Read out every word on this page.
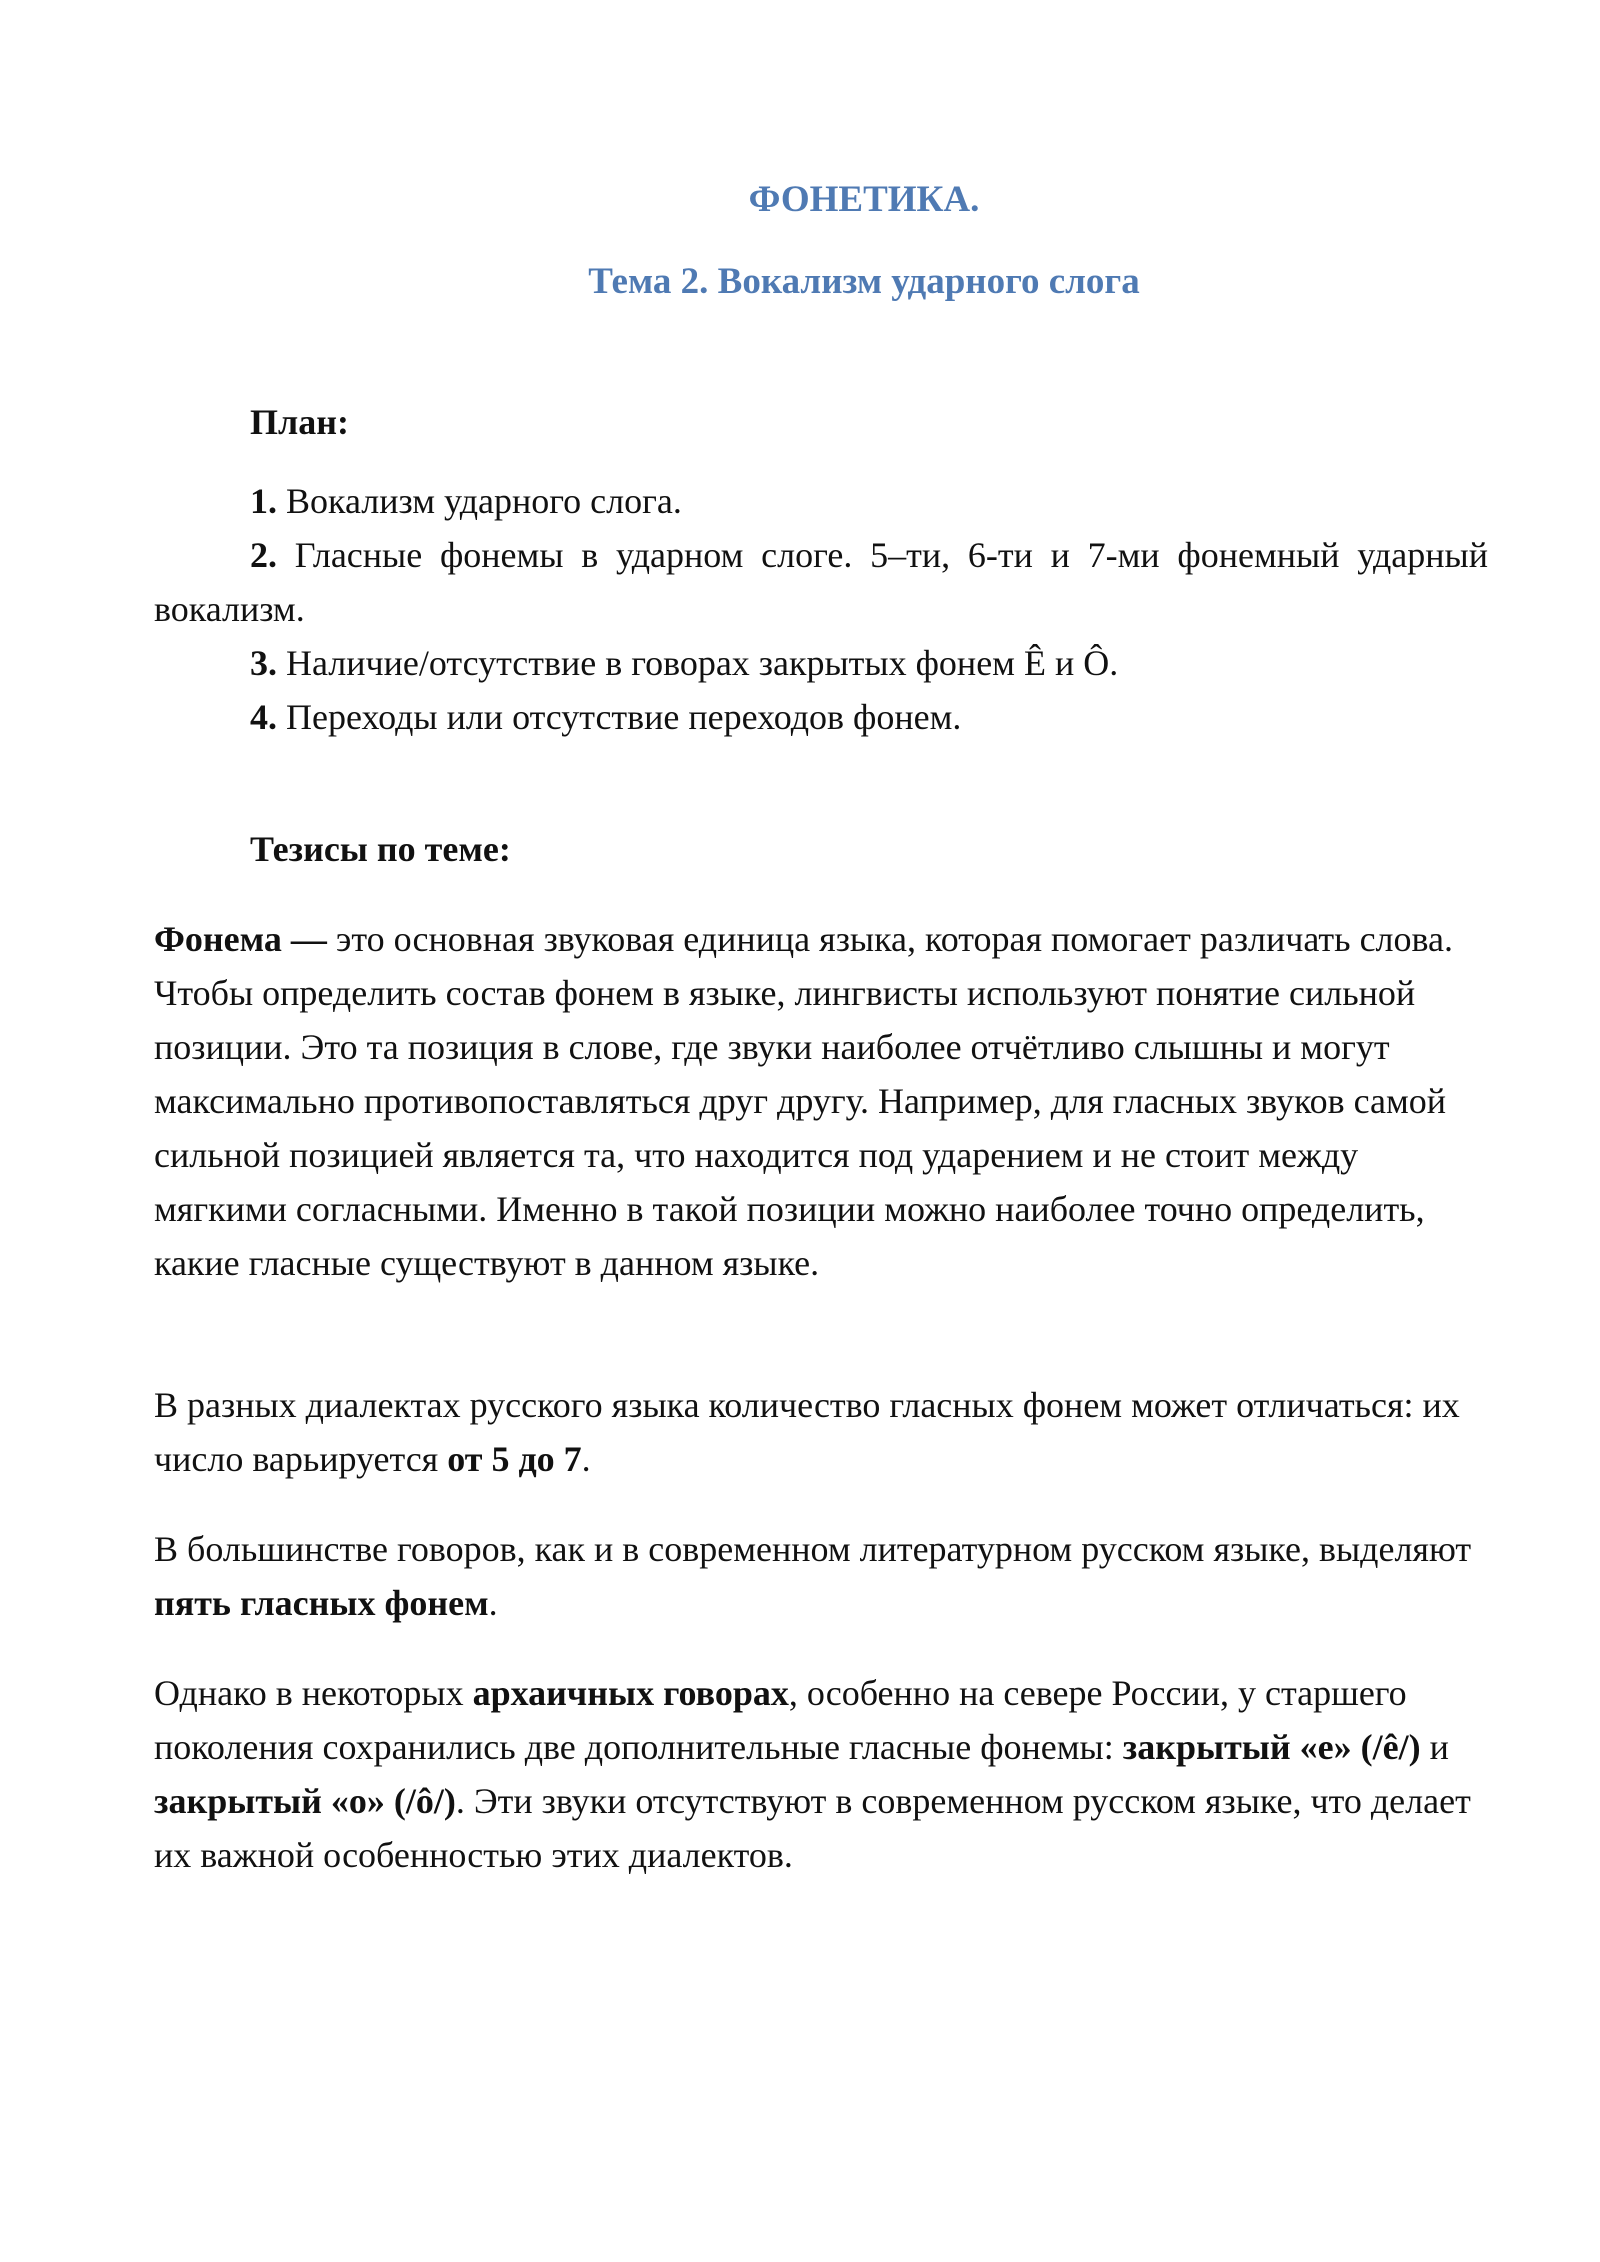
ФОНЕТИКА.
Тема 2. Вокализм ударного слога
План:

1. Вокализм ударного слога.

2. Гласные фонемы в ударном слоге. 5–ти, 6-ти и 7-ми фонемный ударный вокализм.

3. Наличие/отсутствие в говорах закрытых фонем Ê и Ô.

4. Переходы или отсутствие переходов фонем.

Тезисы по теме:

Фонема — это основная звуковая единица языка, которая помогает различать слова. Чтобы определить состав фонем в языке, лингвисты используют понятие сильной позиции. Это та позиция в слове, где звуки наиболее отчётливо слышны и могут максимально противопоставляться друг другу. Например, для гласных звуков самой сильной позицией является та, что находится под ударением и не стоит между мягкими согласными. Именно в такой позиции можно наиболее точно определить, какие гласные существуют в данном языке.

В разных диалектах русского языка количество гласных фонем может отличаться: их число варьируется от 5 до 7.

В большинстве говоров, как и в современном литературном русском языке, выделяют пять гласных фонем.

Однако в некоторых архаичных говорах, особенно на севере России, у старшего поколения сохранились две дополнительные гласные фонемы: закрытый «е» (/ê/) и закрытый «о» (/ô/). Эти звуки отсутствуют в современном русском языке, что делает их важной особенностью этих диалектов.
